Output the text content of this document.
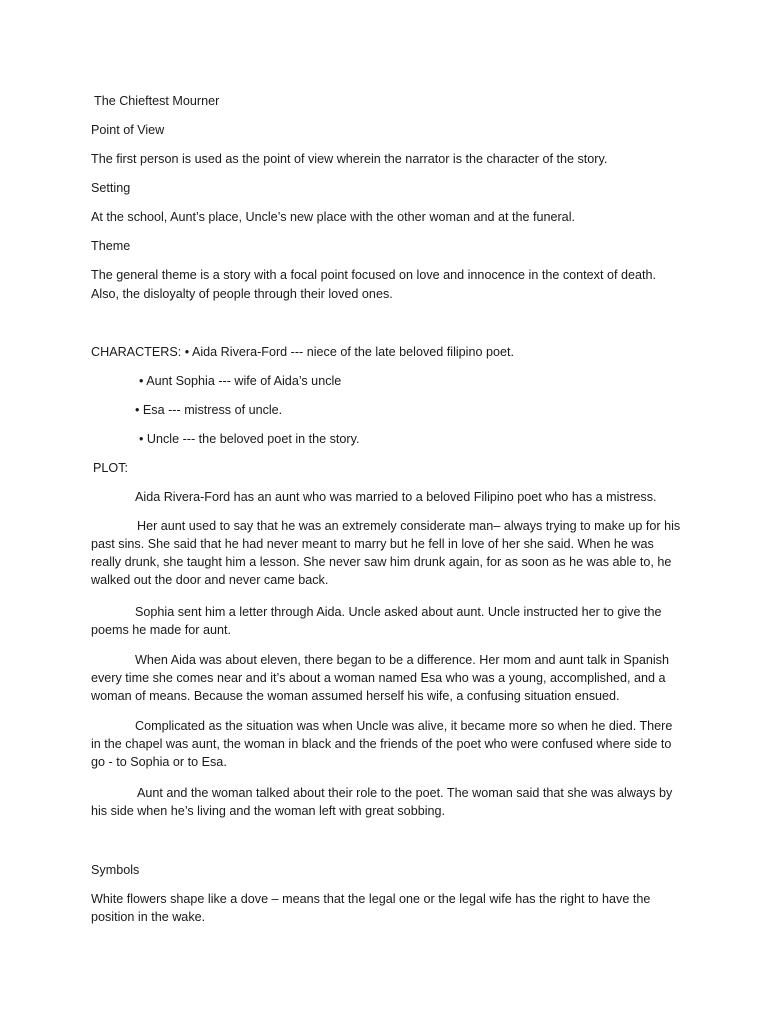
The Chieftest Mourner
Point of View
The first person is used as the point of view wherein the narrator is the character of the story.
Setting
At the school, Aunt’s place, Uncle’s new place with the other woman and at the funeral.
Theme
The general theme is a story with a focal point focused on love and innocence in the context of death.
Also, the disloyalty of people through their loved ones.
CHARACTERS: • Aida Rivera-Ford --- niece of the late beloved filipino poet.
• Aunt Sophia --- wife of Aida’s uncle
• Esa --- mistress of uncle.
• Uncle --- the beloved poet in the story.
PLOT:
Aida Rivera-Ford has an aunt who was married to a beloved Filipino poet who has a mistress.
Her aunt used to say that he was an extremely considerate man– always trying to make up for his past sins. She said that he had never meant to marry but he fell in love of her she said. When he was really drunk, she taught him a lesson. She never saw him drunk again, for as soon as he was able to, he walked out the door and never came back.
Sophia sent him a letter through Aida. Uncle asked about aunt. Uncle instructed her to give the poems he made for aunt.
When Aida was about eleven, there began to be a difference. Her mom and aunt talk in Spanish every time she comes near and it’s about a woman named Esa who was a young, accomplished, and a woman of means. Because the woman assumed herself his wife, a confusing situation ensued.
Complicated as the situation was when Uncle was alive, it became more so when he died. There in the chapel was aunt, the woman in black and the friends of the poet who were confused where side to go - to Sophia or to Esa.
Aunt and the woman talked about their role to the poet. The woman said that she was always by his side when he’s living and the woman left with great sobbing.
Symbols
White flowers shape like a dove – means that the legal one or the legal wife has the right to have the position in the wake.
